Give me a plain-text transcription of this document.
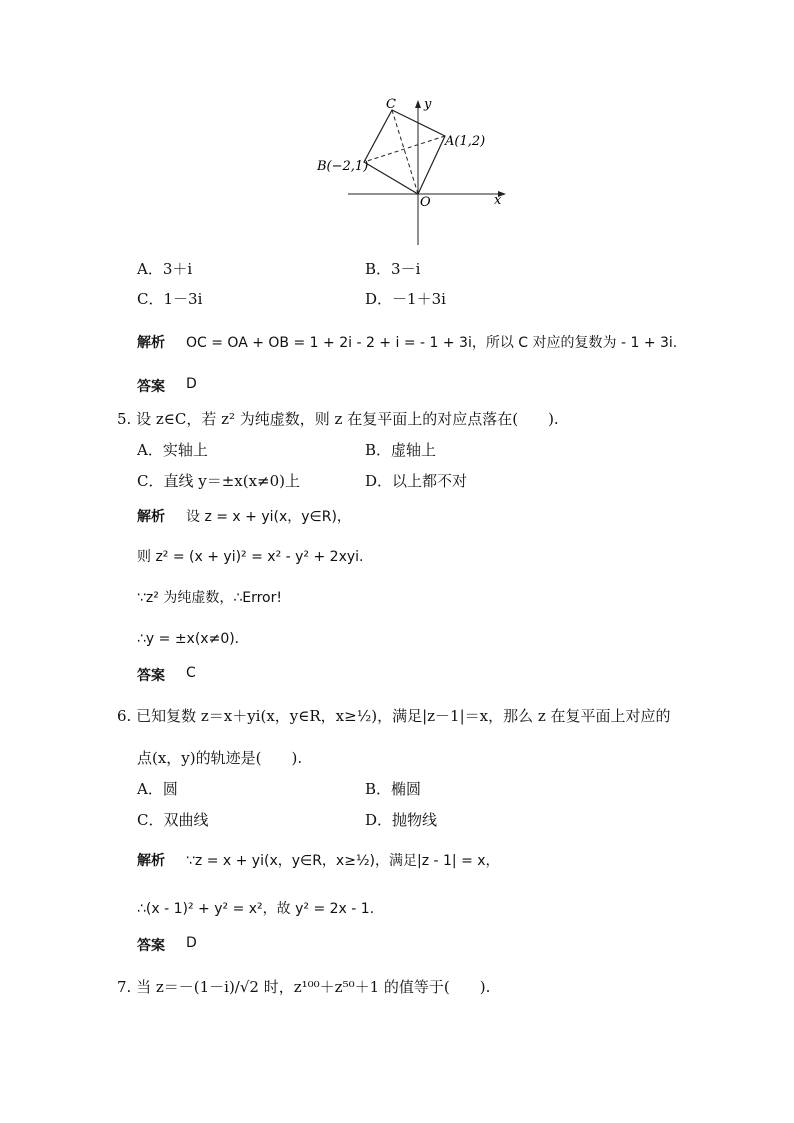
C y
A(1,2)
B(−2,1)
O	x
A．3＋i	B．3－i
C．1－3i	D．－1＋3i
解析 OC = OA + OB = 1 + 2i - 2 + i = - 1 + 3i，所以 C 对应的复数为 - 1 + 3i.
答案 D
5. 设 z∈C，若 z² 为纯虚数，则 z 在复平面上的对应点落在(　　).
A．实轴上	B．虚轴上
C．直线 y＝±x(x≠0)上	D．以上都不对
解析 设 z = x + yi(x，y∈R)，
则 z² = (x + yi)² = x² - y² + 2xyi.
∵z² 为纯虚数，∴Error!
∴y = ±x(x≠0)．
答案 C
6. 已知复数 z＝x＋yi(x，y∈R，x≥½)，满足|z－1|＝x，那么 z 在复平面上对应的
点(x，y)的轨迹是(　　).
A．圆	B．椭圆
C．双曲线	D．抛物线
解析 ∵z = x + yi(x，y∈R，x≥½)，满足|z - 1| = x，
∴(x - 1)² + y² = x²，故 y² = 2x - 1.
答案 D
7. 当 z＝－(1－i)/√2 时，z¹⁰⁰＋z⁵⁰＋1 的值等于(　　).
